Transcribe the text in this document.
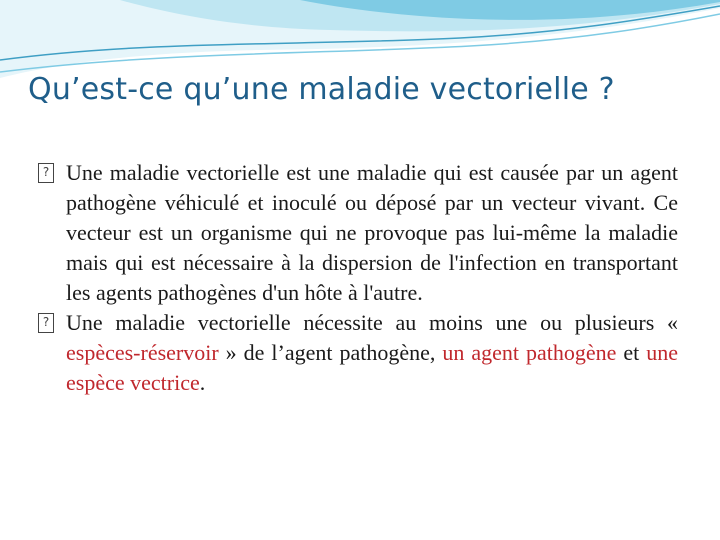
Qu’est-ce qu’une maladie vectorielle ?

? Une maladie vectorielle est une maladie qui est causée par un agent pathogène véhiculé et inoculé ou déposé par un vecteur vivant. Ce vecteur est un organisme qui ne provoque pas lui-même la maladie mais qui est nécessaire à la dispersion de l'infection en transportant les agents pathogènes d'un hôte à l'autre.

? Une maladie vectorielle nécessite au moins une ou plusieurs « espèces-réservoir » de l’agent pathogène, un agent pathogène et une espèce vectrice.
